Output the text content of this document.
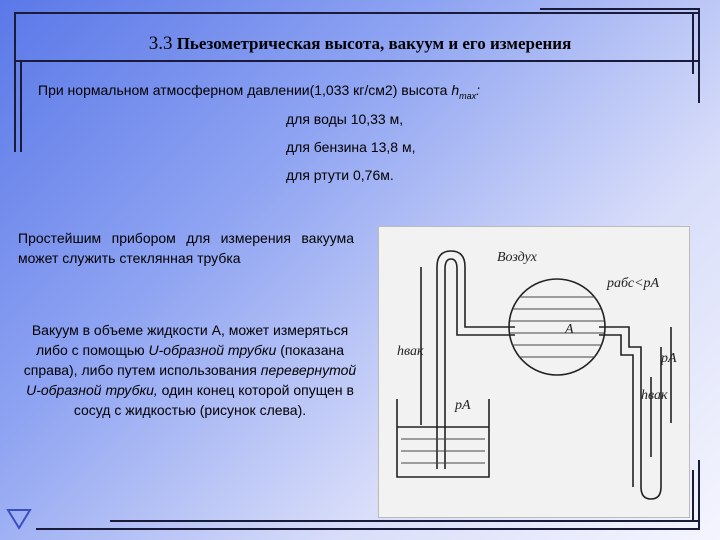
3.3 Пьезометрическая высота, вакуум и его измерения
При нормальном атмосферном давлении(1,033 кг/см2) высота $h_{max}$:
для воды 10,33 м,
для бензина 13,8 м,
для ртути 0,76м.
Простейшим прибором для измерения вакуума может служить стеклянная трубка
Вакуум в объеме жидкости А, может измеряться либо с помощью U-образной трубки (показана справа), либо путем использования перевернутой U-образной трубки, один конец которой опущен в сосуд с жидкостью (рисунок слева).
Воздух
A
pабс<pA
hвак
pA
pA
hвак
